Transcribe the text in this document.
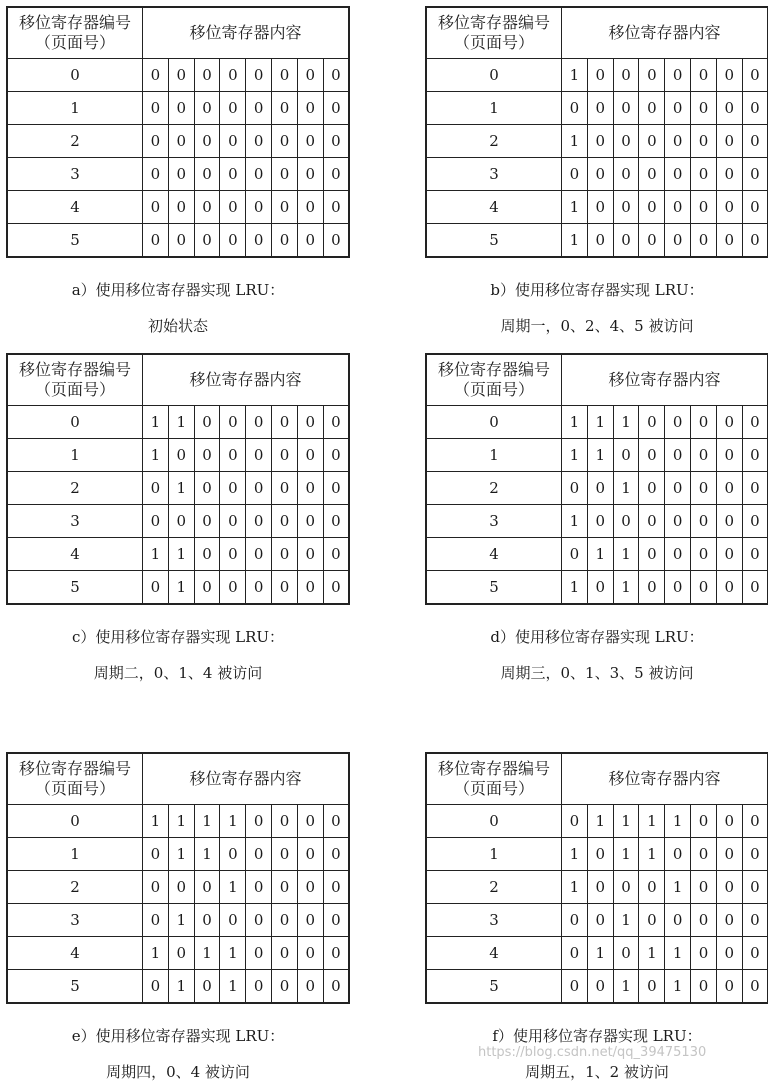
移位寄存器编号
（页面号）	移位寄存器内容							
0	0	0	0	0	0	0	0	0
1	0	0	0	0	0	0	0	0
2	0	0	0	0	0	0	0	0
3	0	0	0	0	0	0	0	0
4	0	0	0	0	0	0	0	0
5	0	0	0	0	0	0	0	0
a）使用移位寄存器实现 LRU：
初始状态
移位寄存器编号
（页面号）	移位寄存器内容							
0	1	0	0	0	0	0	0	0
1	0	0	0	0	0	0	0	0
2	1	0	0	0	0	0	0	0
3	0	0	0	0	0	0	0	0
4	1	0	0	0	0	0	0	0
5	1	0	0	0	0	0	0	0
b）使用移位寄存器实现 LRU：
周期一，0、2、4、5 被访问
移位寄存器编号
（页面号）	移位寄存器内容							
0	1	1	0	0	0	0	0	0
1	1	0	0	0	0	0	0	0
2	0	1	0	0	0	0	0	0
3	0	0	0	0	0	0	0	0
4	1	1	0	0	0	0	0	0
5	0	1	0	0	0	0	0	0
c）使用移位寄存器实现 LRU：
周期二，0、1、4 被访问
移位寄存器编号
（页面号）	移位寄存器内容							
0	1	1	1	0	0	0	0	0
1	1	1	0	0	0	0	0	0
2	0	0	1	0	0	0	0	0
3	1	0	0	0	0	0	0	0
4	0	1	1	0	0	0	0	0
5	1	0	1	0	0	0	0	0
d）使用移位寄存器实现 LRU：
周期三，0、1、3、5 被访问
移位寄存器编号
（页面号）	移位寄存器内容							
0	1	1	1	1	0	0	0	0
1	0	1	1	0	0	0	0	0
2	0	0	0	1	0	0	0	0
3	0	1	0	0	0	0	0	0
4	1	0	1	1	0	0	0	0
5	0	1	0	1	0	0	0	0
e）使用移位寄存器实现 LRU：
周期四，0、4 被访问
移位寄存器编号
（页面号）	移位寄存器内容							
0	0	1	1	1	1	0	0	0
1	1	0	1	1	0	0	0	0
2	1	0	0	0	1	0	0	0
3	0	0	1	0	0	0	0	0
4	0	1	0	1	1	0	0	0
5	0	0	1	0	1	0	0	0
f）使用移位寄存器实现 LRU：
周期五，1、2 被访问
https://blog.csdn.net/qq_39475130
